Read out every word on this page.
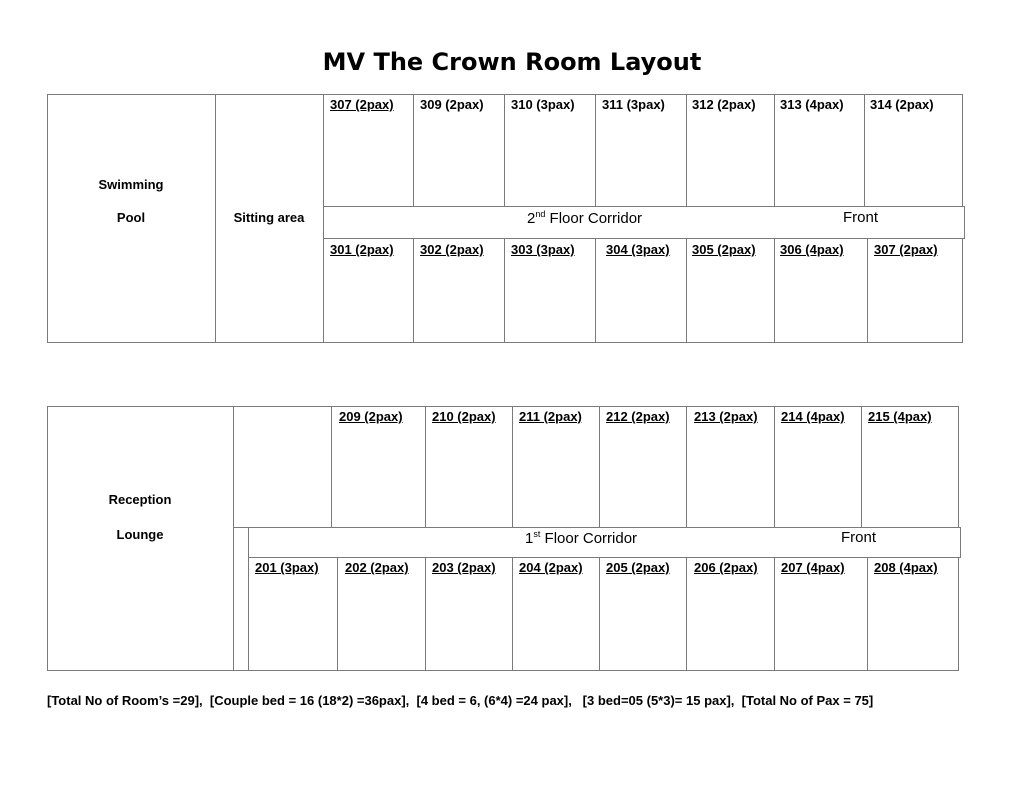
MV The Crown Room Layout
Swimming
Pool	Sitting area	2nd Floor Corridor	Front
307 (2pax) 309 (2pax) 310 (3pax) 311 (3pax) 312 (2pax) 313 (4pax) 314 (2pax)
301 (2pax) 302 (2pax) 303 (3pax) 304 (3pax) 305 (2pax) 306 (4pax) 307 (2pax)
Reception
Lounge	1st Floor Corridor	Front
209 (2pax) 210 (2pax) 211 (2pax) 212 (2pax) 213 (2pax) 214 (4pax) 215 (4pax)
201 (3pax) 202 (2pax) 203 (2pax) 204 (2pax) 205 (2pax) 206 (2pax) 207 (4pax) 208 (4pax)
[Total No of Room’s =29],  [Couple bed = 16 (18*2) =36pax],  [4 bed = 6, (6*4) =24 pax],   [3 bed=05 (5*3)= 15 pax],  [Total No of Pax = 75]
